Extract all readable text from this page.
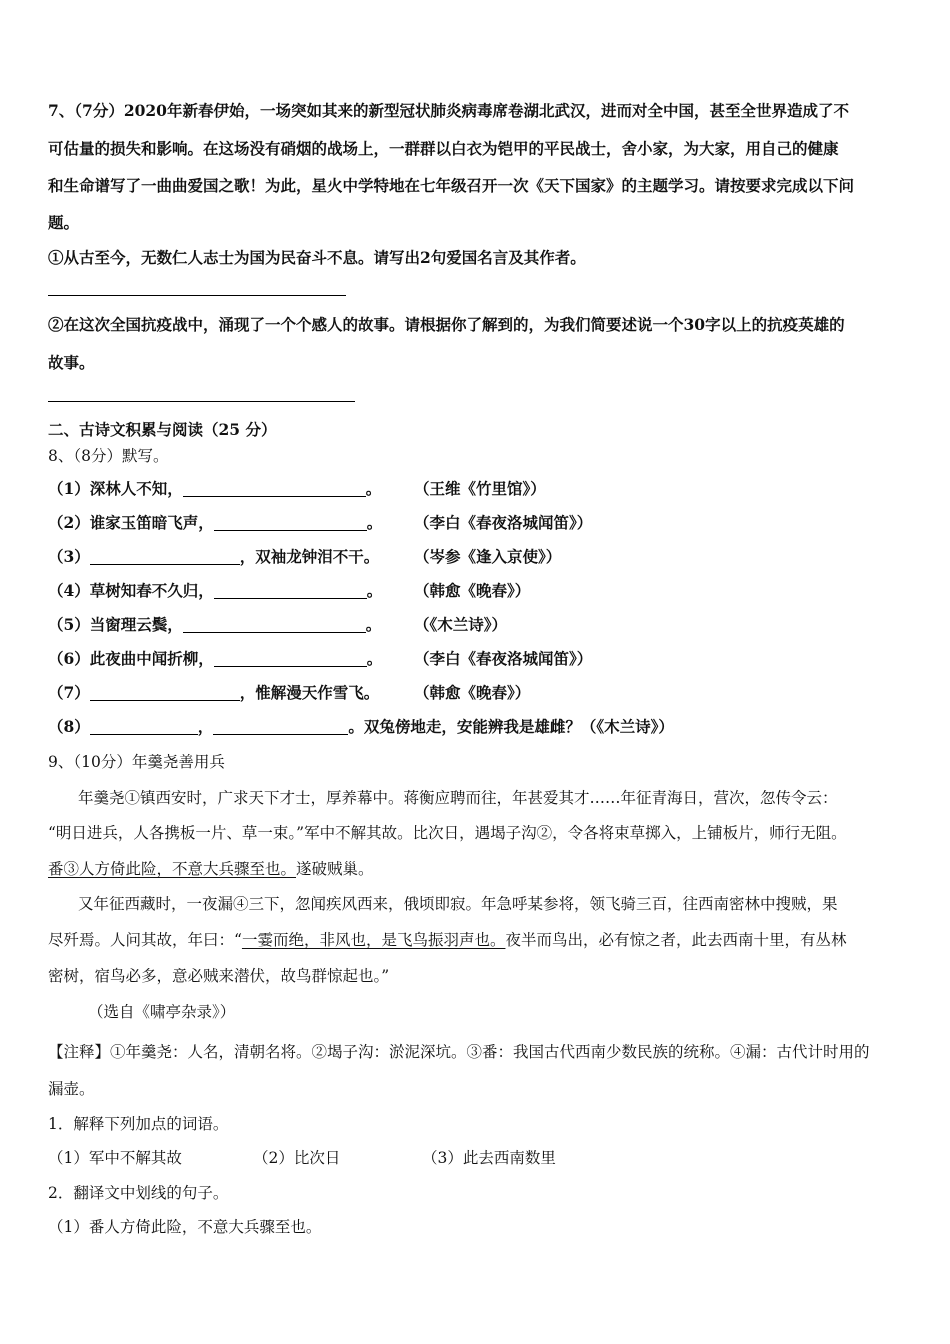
7、（7分）2020年新春伊始，一场突如其来的新型冠状肺炎病毒席卷湖北武汉，进而对全中国，甚至全世界造成了不
可估量的损失和影响。在这场没有硝烟的战场上，一群群以白衣为铠甲的平民战士，舍小家，为大家，用自己的健康
和生命谱写了一曲曲爱国之歌！为此，星火中学特地在七年级召开一次《天下国家》的主题学习。请按要求完成以下问
题。
①从古至今，无数仁人志士为国为民奋斗不息。请写出2句爱国名言及其作者。
②在这次全国抗疫战中，涌现了一个个感人的故事。请根据你了解到的，为我们简要述说一个30字以上的抗疫英雄的
故事。
二、古诗文积累与阅读（25 分）
8、（8分）默写。
（1）深林人不知，	。 （王维《竹里馆》）
（2）谁家玉笛暗飞声，	。 （李白《春夜洛城闻笛》）
（3）	，双袖龙钟泪不干。 （岑参《逢入京使》）
（4）草树知春不久归，	。 （韩愈《晚春》）
（5）当窗理云鬓，	。 （《木兰诗》）
（6）此夜曲中闻折柳，	。 （李白《春夜洛城闻笛》）
（7）	，惟解漫天作雪飞。 （韩愈《晚春》）
（8）	，	。双兔傍地走，安能辨我是雄雌？（《木兰诗》）
9、（10分）年羹尧善用兵
年羹尧①镇西安时，广求天下才士，厚养幕中。蒋衡应聘而往，年甚爱其才……年征青海日，营次，忽传令云：
“明日进兵，人各携板一片、草一束。”军中不解其故。比次日，遇堨子沟②，令各将束草掷入，上铺板片，师行无阻。
番③人方倚此险，不意大兵骤至也。遂破贼巢。
又年征西藏时，一夜漏④三下，忽闻疾风西来，俄顷即寂。年急呼某参将，领飞骑三百，往西南密林中搜贼，果
尽歼焉。人问其故，年曰：“一霎而绝，非风也，是飞鸟振羽声也。夜半而鸟出，必有惊之者，此去西南十里，有丛林
密树，宿鸟必多，意必贼来潜伏，故鸟群惊起也。”
（选自《啸亭杂录》）
【注释】①年羹尧：人名，清朝名将。②堨子沟：淤泥深坑。③番：我国古代西南少数民族的统称。④漏：古代计时用的
漏壶。
1．解释下列加点的词语。
（1）军中不解其故	（2）比次日	（3）此去西南数里
2．翻译文中划线的句子。
（1）番人方倚此险，不意大兵骤至也。
